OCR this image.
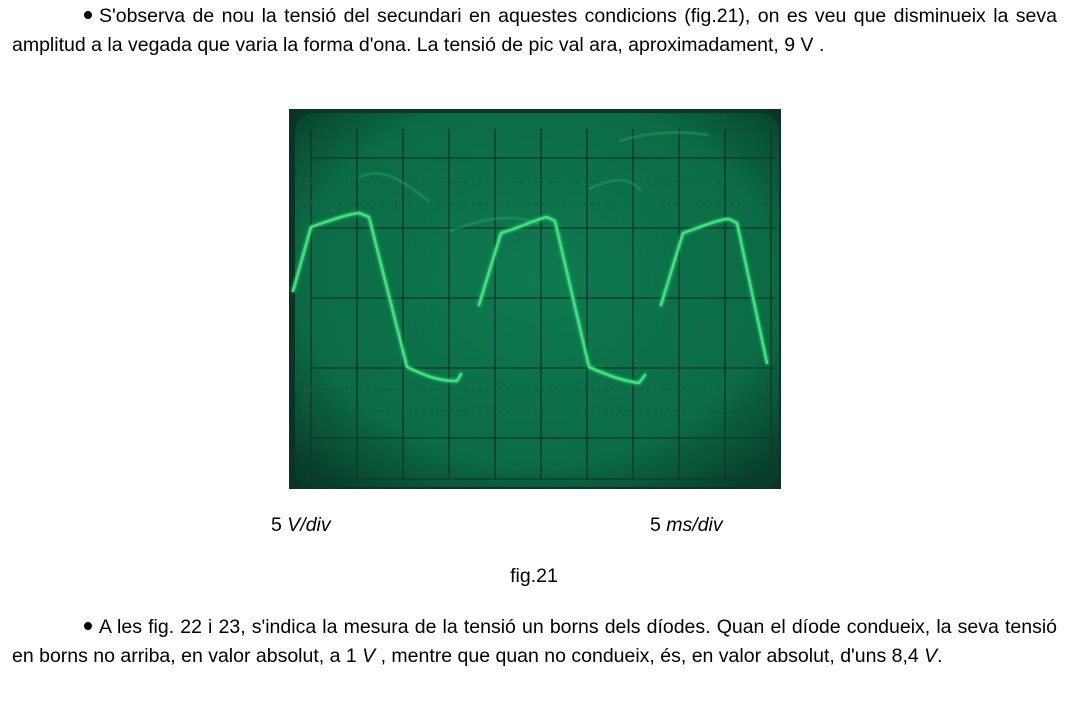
S'observa de nou la tensió del secundari en aquestes condicions (fig.21), on es veu que disminueix la seva amplitud a la vegada que varia la forma d'ona. La tensió de pic val ara, aproximadament, 9 V .

100
90
10
0%
5 V/div	5 ms/div
fig.21

A les fig. 22 i 23, s'indica la mesura de la tensió un borns dels díodes. Quan el díode condueix, la seva tensió en borns no arriba, en valor absolut, a 1 V , mentre que quan no condueix, és, en valor absolut, d'uns 8,4 V.
